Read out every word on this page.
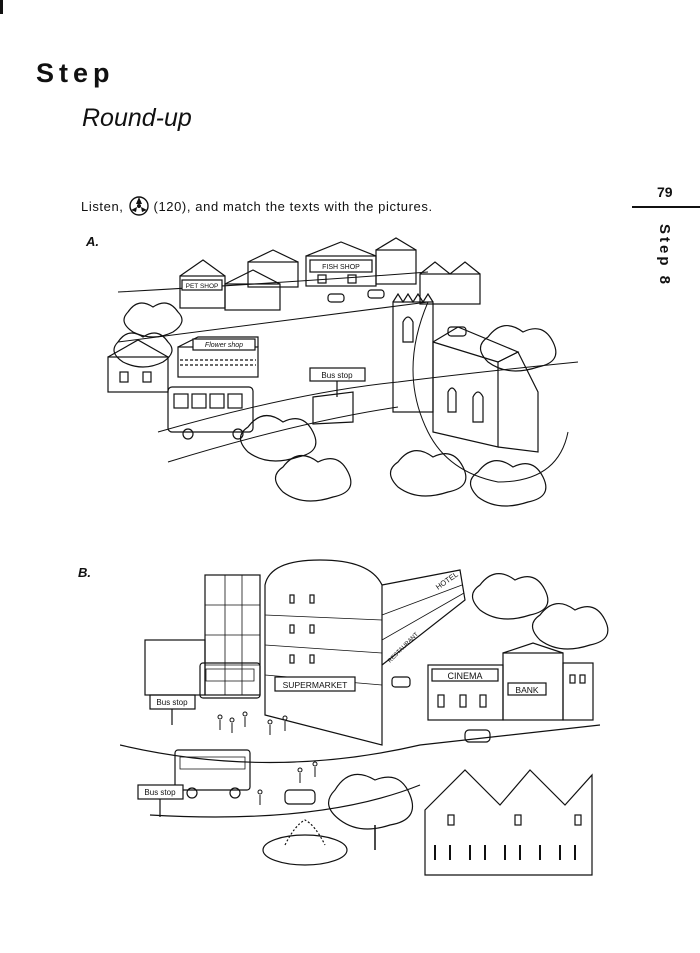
Step
Round-up
79
Step 8
Listen, (120), and match the texts with the pictures.
A.
FISH SHOP
PET SHOP
Flower shop
Bus stop
B.
SUPERMARKET
HOTEL
RESTAURANT
CINEMA
BANK
Bus stop
Bus stop
